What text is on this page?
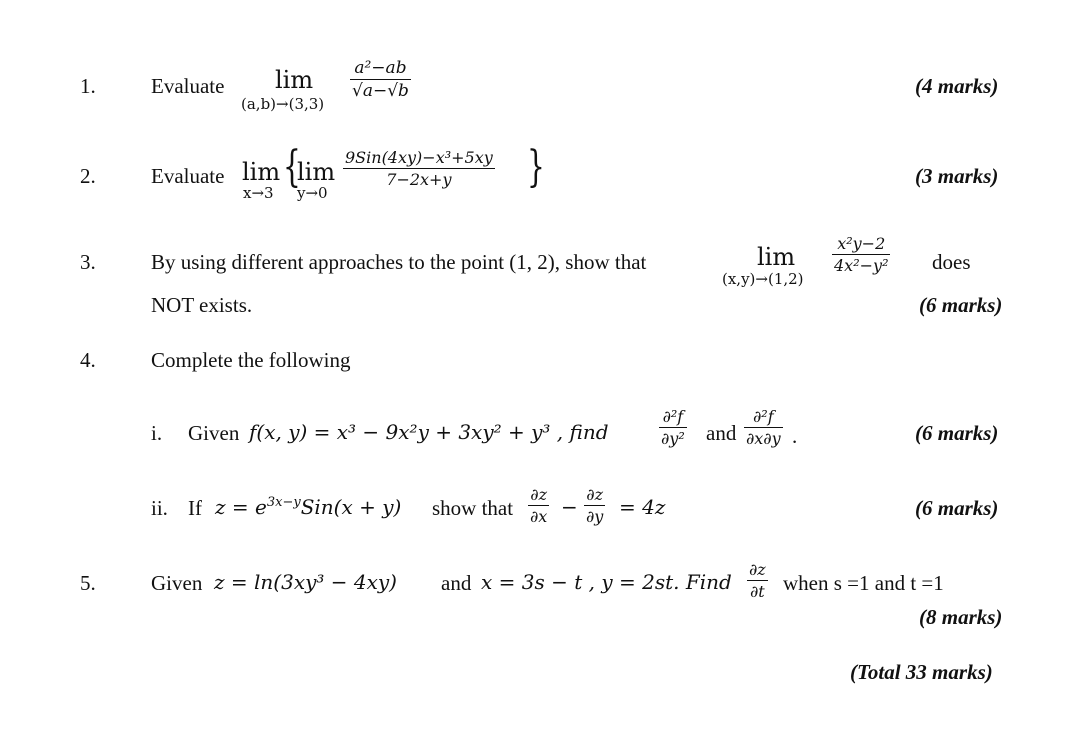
1.	Evaluate lim
(a,b)→(3,3)
a²−ab
√a−√b	(4 marks)
2.	Evaluate lim
x→3
{
lim
y→0
9Sin(4xy)−x³+5xy
7−2x+y	}	(3 marks)
3.	By using different approaches to the point (1, 2), show that	lim
(x,y)→(1,2)
x²y−2
4x²−y² does
NOT exists.	(6 marks)
4.	Complete the following
i. Given f(x, y) = x³ − 9x²y + 3xy² + y³ , find
∂²f
∂y² and
∂²f
∂x∂y .	(6 marks)
ii. If $z = e^{3x-y}Sin(x + y)$ show that
∂z
∂x −
∂z
∂y = 4z	(6 marks)
5.	Given z = ln(3xy³ − 4xy) and x = 3s − t , y = 2st. Find
∂z
∂t when s =1 and t =1
(8 marks)
(Total 33 marks)
